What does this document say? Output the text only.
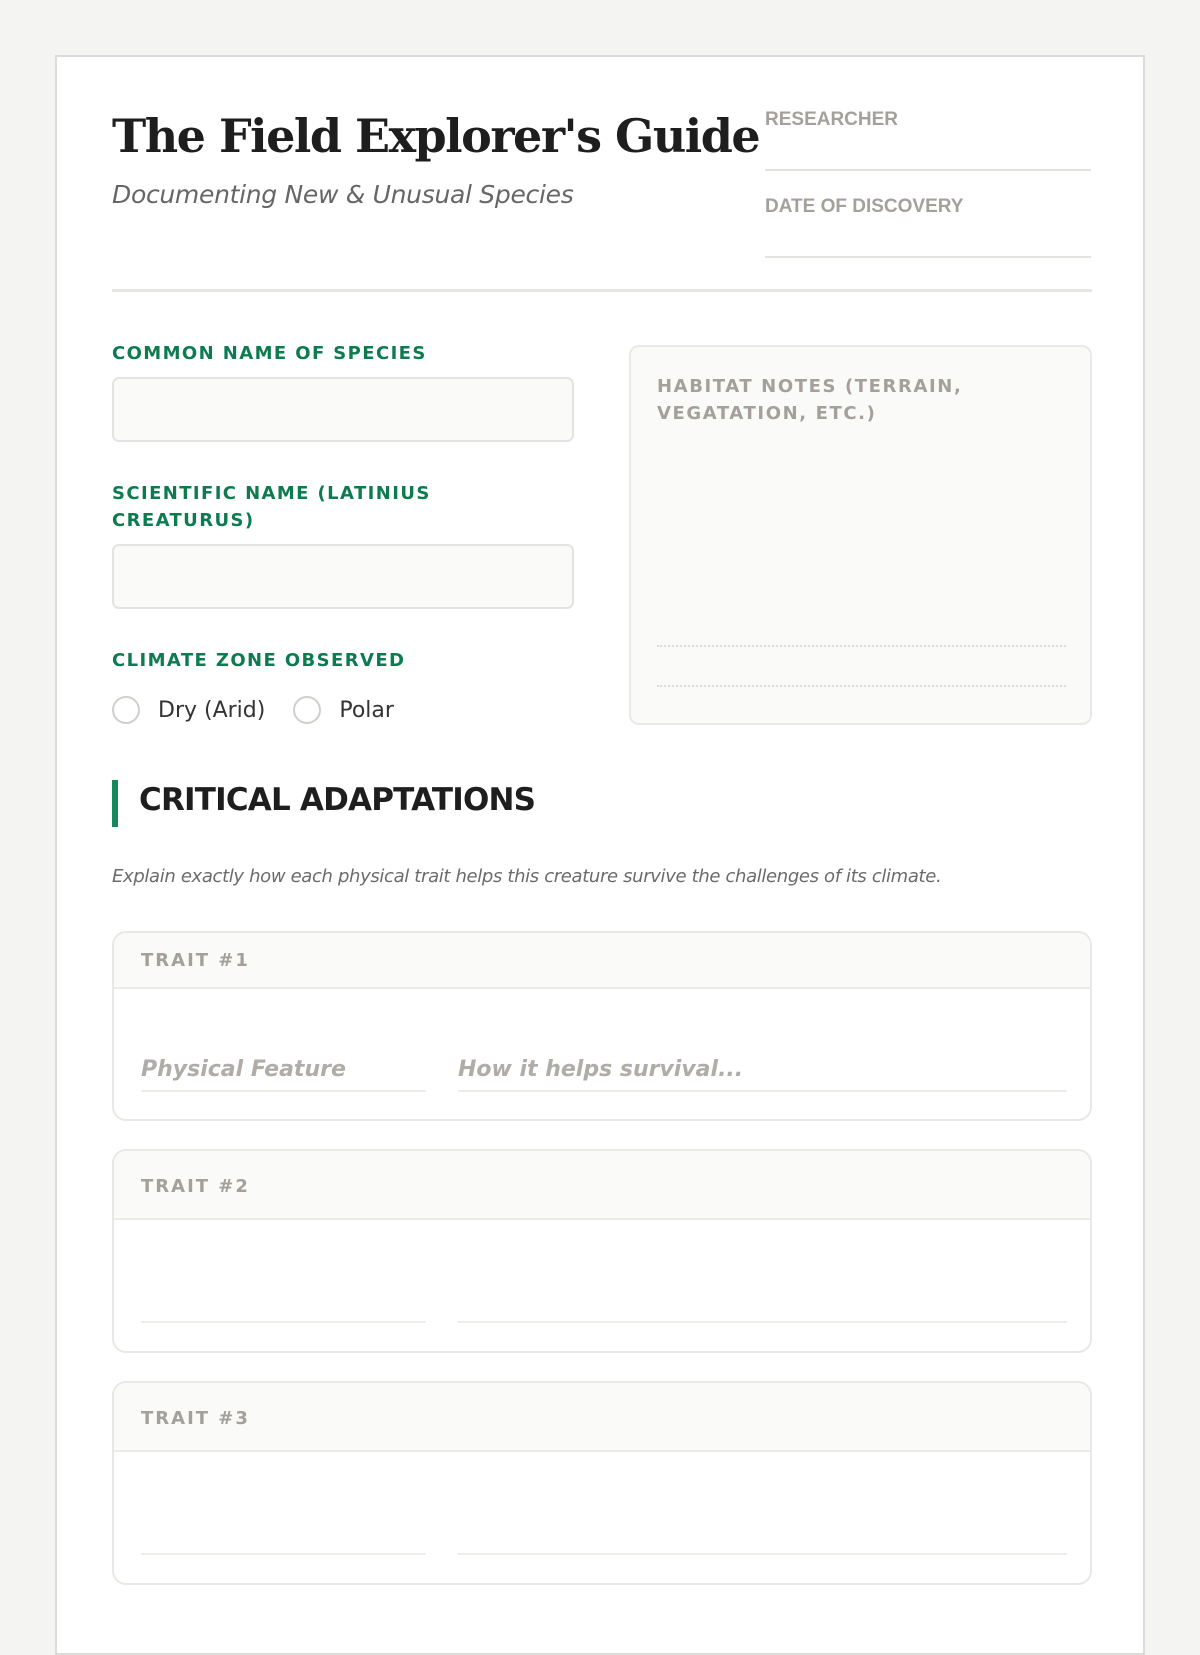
The Field Explorer's Guide

Documenting New & Unusual Species

RESEARCHER
DATE OF DISCOVERY
COMMON NAME OF SPECIES
SCIENTIFIC NAME (LATINIUS CREATURUS)
CLIMATE ZONE OBSERVED
Dry (Arid)	Polar
HABITAT NOTES (TERRAIN, VEGATATION, ETC.)
CRITICAL ADAPTATIONS
Explain exactly how each physical trait helps this creature survive the challenges of its climate.
TRAIT #1
Physical Feature	How it helps survival...
TRAIT #2
TRAIT #3
